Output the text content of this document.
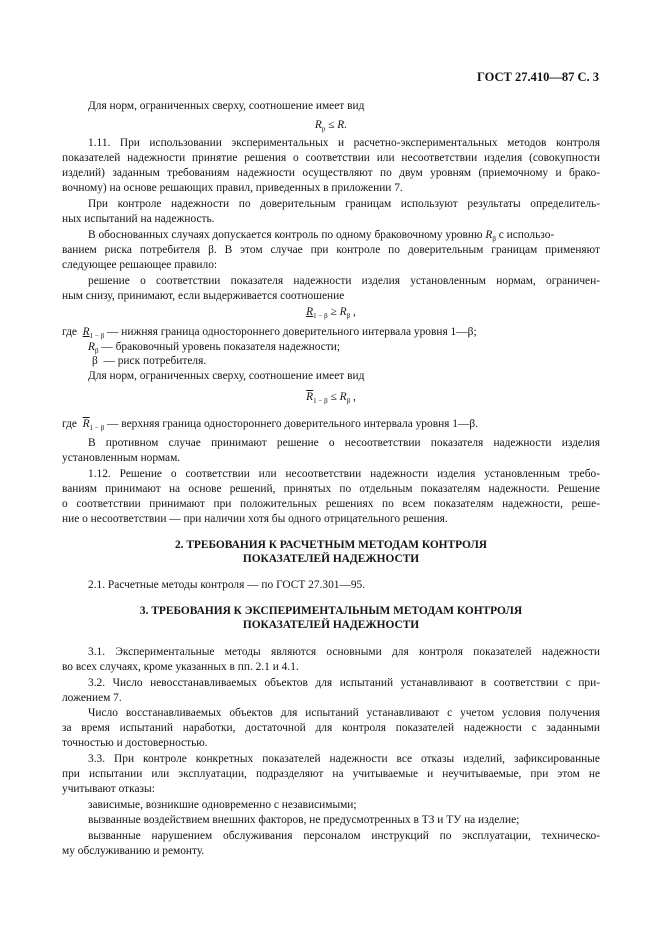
ГОСТ 27.410—87 С. 3
Для норм, ограниченных сверху, соотношение имеет вид
$R_р \le R$.
1.11. При использовании экспериментальных и расчетно-экспериментальных методов контроля
показателей надежности принятие решения о соответствии или несоответствии изделия (совокупности
изделий) заданным требованиям надежности осуществляют по двум уровням (приемочному и брако-
вочному) на основе решающих правил, приведенных в приложении 7.
При контроле надежности по доверительным границам используют результаты определитель-
ных испытаний на надежность.
В обоснованных случаях допускается контроль по одному браковочному уровню $R_\beta$ с использо-
ванием риска потребителя β. В этом случае при контроле по доверительным границам применяют
следующее решающее правило:
решение о соответствии показателя надежности изделия установленным нормам, ограничен-
ным снизу, принимают, если выдерживается соотношение
$R_{1 - \beta} \ge R_\beta$ ,
где $R_{1 - \beta}$ — нижняя граница одностороннего доверительного интервала уровня 1—β;
$R_\beta$ — браковочный уровень показателя надежности;
β — риск потребителя.
Для норм, ограниченных сверху, соотношение имеет вид
$\overline{R}_{1 - \beta} \le R_\beta$ ,
где $\overline{R}_{1 - \beta}$ — верхняя граница одностороннего доверительного интервала уровня 1—β.
В противном случае принимают решение о несоответствии показателя надежности изделия
установленным нормам.
1.12. Решение о соответствии или несоответствии надежности изделия установленным требо-
ваниям принимают на основе решений, принятых по отдельным показателям надежности. Решение
о соответствии принимают при положительных решениях по всем показателям надежности, реше-
ние о несоответствии — при наличии хотя бы одного отрицательного решения.
2. ТРЕБОВАНИЯ К РАСЧЕТНЫМ МЕТОДАМ КОНТРОЛЯ
ПОКАЗАТЕЛЕЙ НАДЕЖНОСТИ
2.1. Расчетные методы контроля — по ГОСТ 27.301—95.
3. ТРЕБОВАНИЯ К ЭКСПЕРИМЕНТАЛЬНЫМ МЕТОДАМ КОНТРОЛЯ
ПОКАЗАТЕЛЕЙ НАДЕЖНОСТИ
3.1. Экспериментальные методы являются основными для контроля показателей надежности
во всех случаях, кроме указанных в пп. 2.1 и 4.1.
3.2. Число невосстанавливаемых объектов для испытаний устанавливают в соответствии с при-
ложением 7.
Число восстанавливаемых объектов для испытаний устанавливают с учетом условия получения
за время испытаний наработки, достаточной для контроля показателей надежности с заданными
точностью и достоверностью.
3.3. При контроле конкретных показателей надежности все отказы изделий, зафиксированные
при испытании или эксплуатации, подразделяют на учитываемые и неучитываемые, при этом не
учитывают отказы:
зависимые, возникшие одновременно с независимыми;
вызванные воздействием внешних факторов, не предусмотренных в ТЗ и ТУ на изделие;
вызванные нарушением обслуживания персоналом инструкций по эксплуатации, техническо-
му обслуживанию и ремонту.
